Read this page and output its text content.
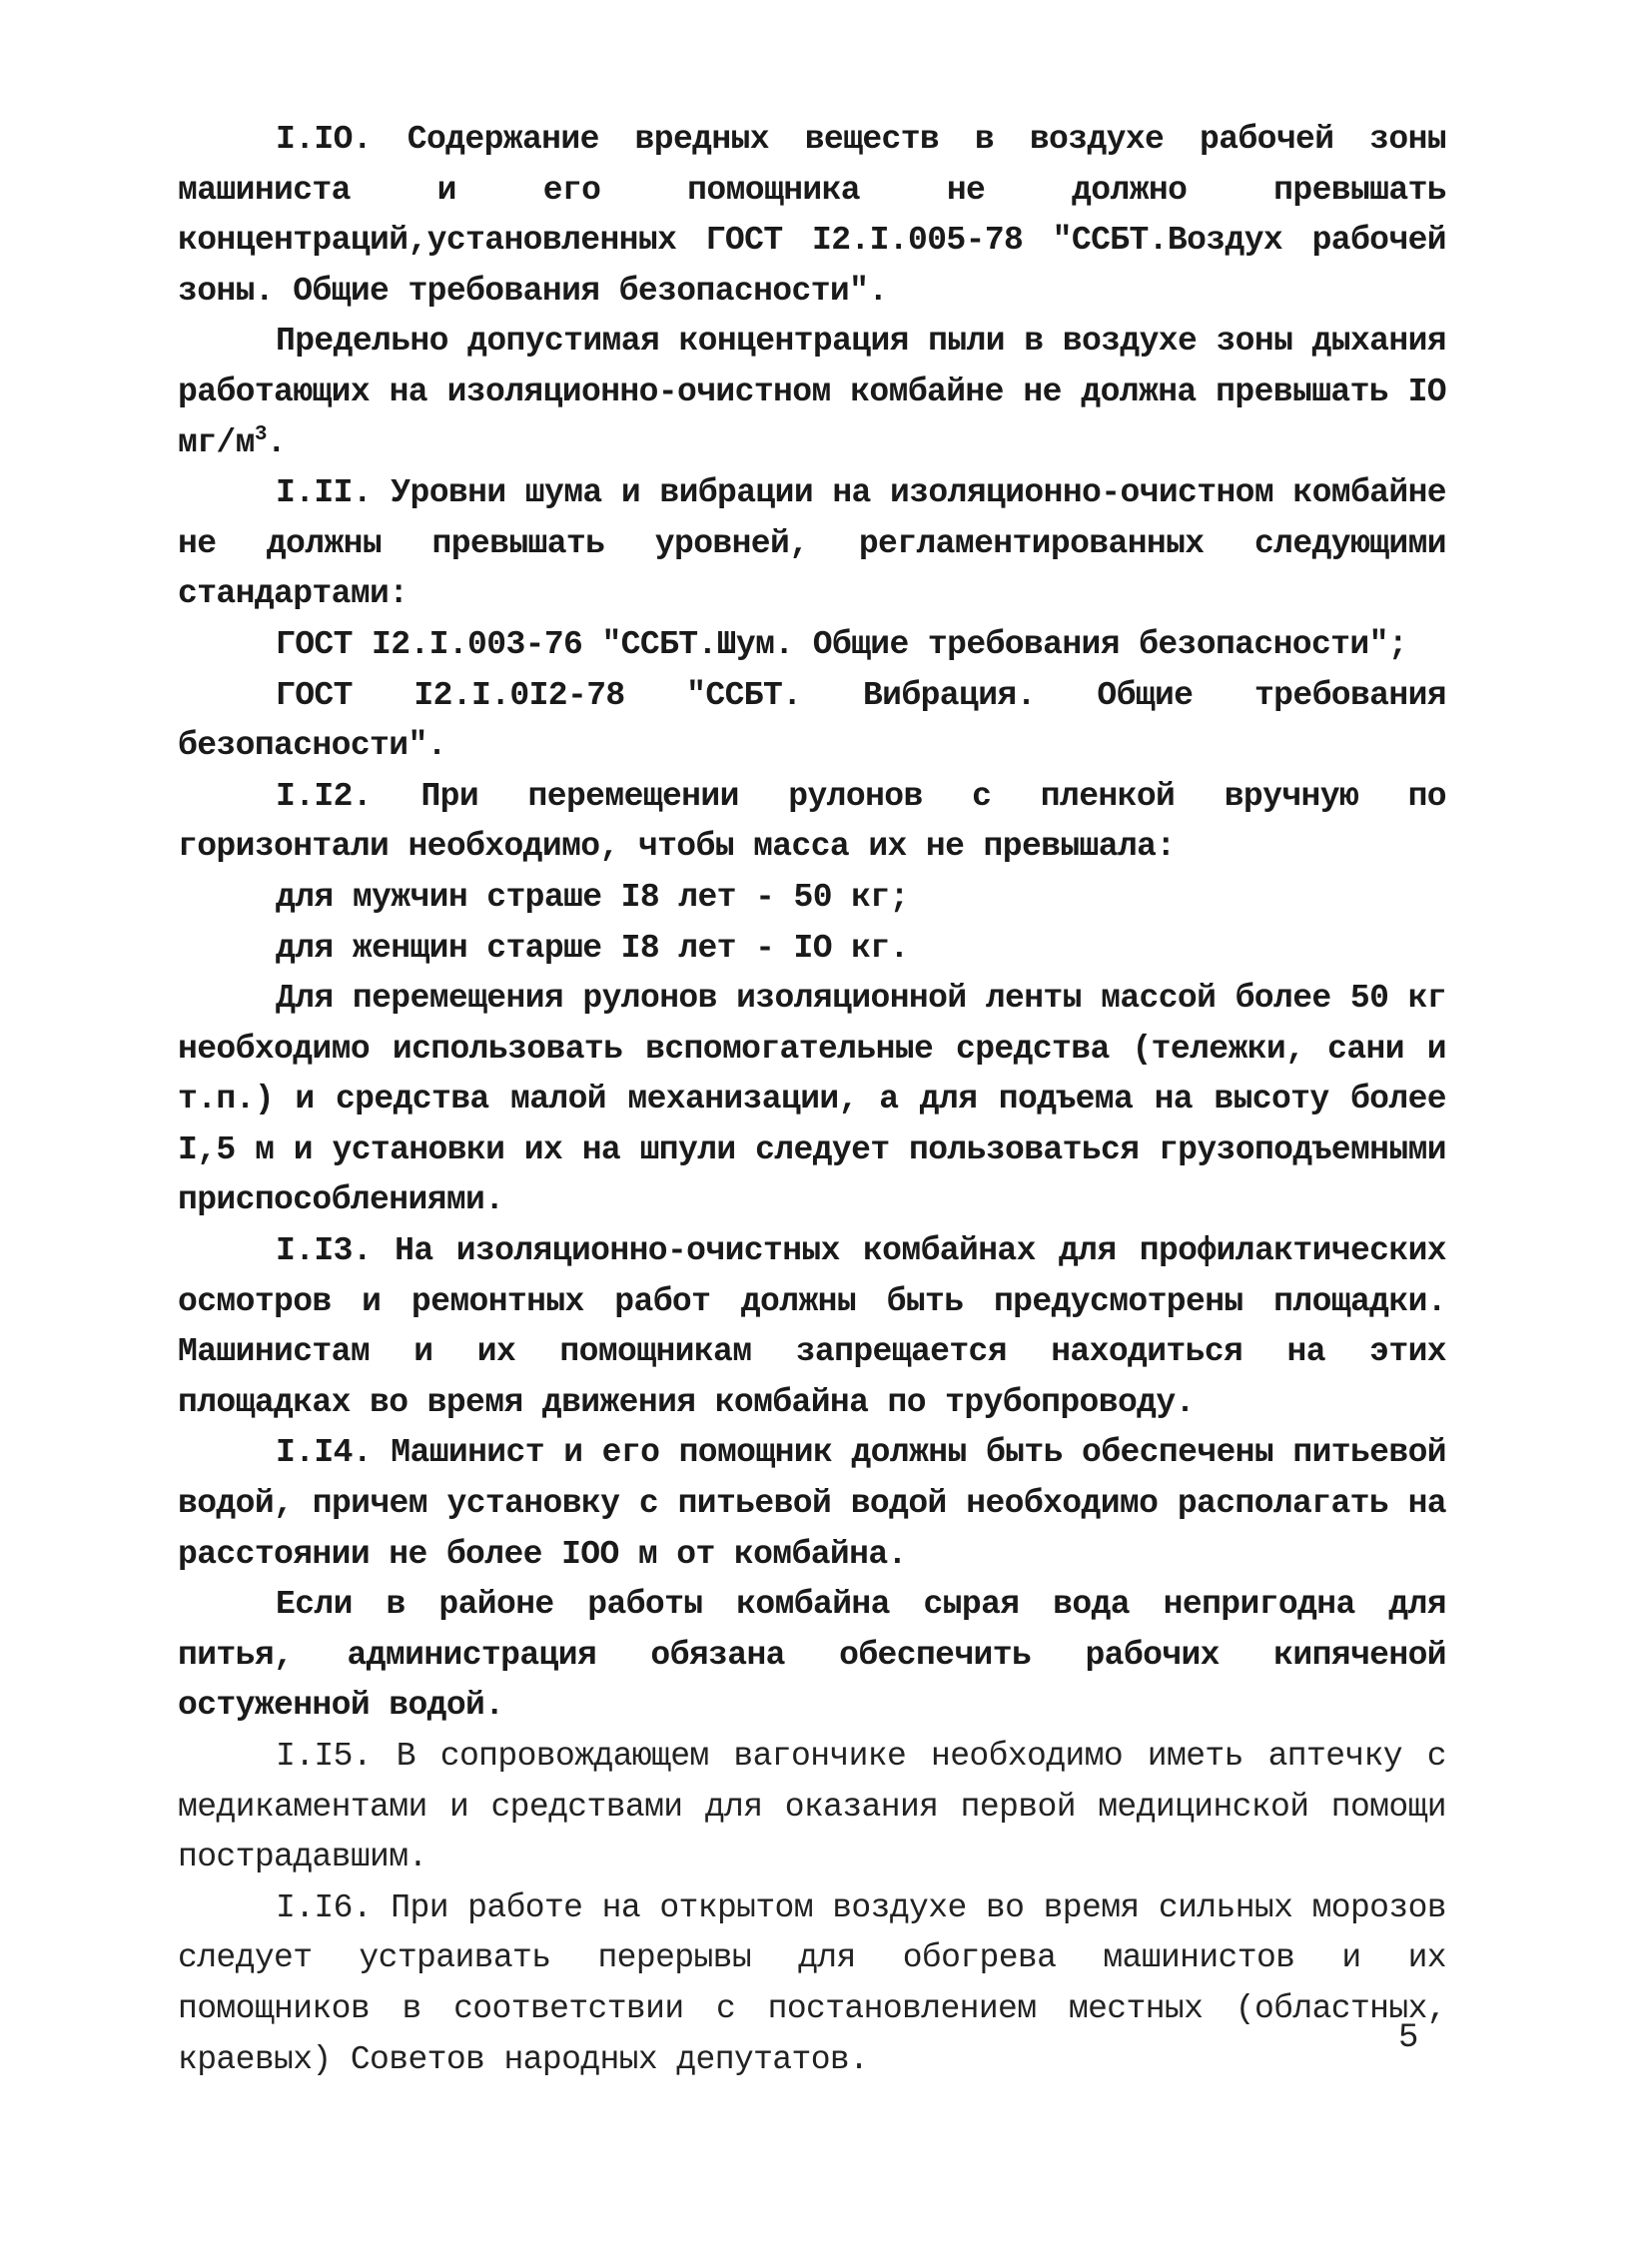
I.IO. Содержание вредных веществ в воздухе рабочей зоны машиниста и его помощника не должно превышать концентраций,установленных ГОСТ I2.I.005-78 "ССБТ.Воздух рабочей зоны. Общие требования безопасности".

Предельно допустимая концентрация пыли в воздухе зоны дыхания работающих на изоляционно-очистном комбайне не должна превышать IO $мг/м^3$.

I.II. Уровни шума и вибрации на изоляционно-очистном комбайне не должны превышать уровней, регламентированных следующими стандартами:

ГОСТ I2.I.003-76 "ССБТ.Шум. Общие требования безопасности";

ГОСТ I2.I.0I2-78 "ССБТ. Вибрация. Общие требования безопасности".

I.I2. При перемещении рулонов с пленкой вручную по горизонтали необходимо, чтобы масса их не превышала:

для мужчин страше I8 лет - 50 кг;

для женщин старше I8 лет - IO кг.

Для перемещения рулонов изоляционной ленты массой более 50 кг необходимо использовать вспомогательные средства (тележки, сани и т.п.) и средства малой механизации, а для подъема на высоту более I,5 м и установки их на шпули следует пользоваться грузоподъемными приспособлениями.

I.I3. На изоляционно-очистных комбайнах для профилактических осмотров и ремонтных работ должны быть предусмотрены площадки. Машинистам и их помощникам запрещается находиться на этих площадках во время движения комбайна по трубопроводу.

I.I4. Машинист и его помощник должны быть обеспечены питьевой водой, причем установку с питьевой водой необходимо располагать на расстоянии не более IOO м от комбайна.

Если в районе работы комбайна сырая вода непригодна для питья, администрация обязана обеспечить рабочих кипяченой остуженной водой.

I.I5. В сопровождающем вагончике необходимо иметь аптечку с медикаментами и средствами для оказания первой медицинской помощи пострадавшим.

I.I6. При работе на открытом воздухе во время сильных морозов следует устраивать перерывы для обогрева машинистов и их помощников в соответствии с постановлением местных (областных, краевых) Советов народных депутатов.

5
